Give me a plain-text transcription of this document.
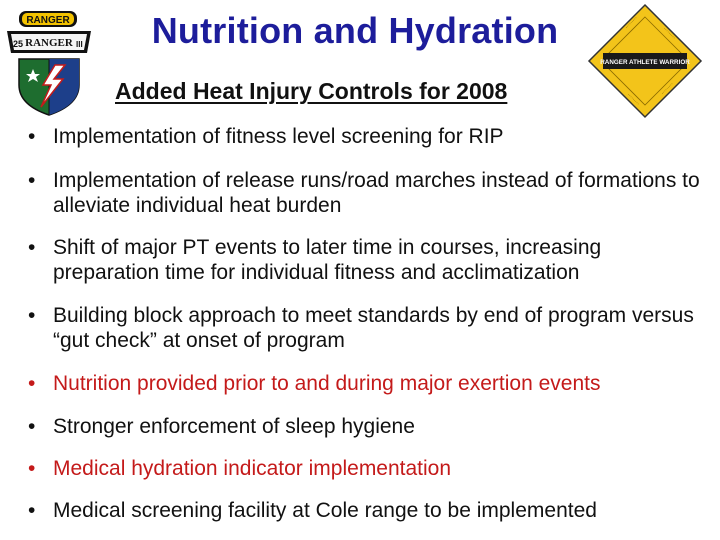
RANGER
25 RANGER III	Nutrition and Hydration	⋯⋯⋯
⋯⋯⋯
⋯⋯⋯
⋯⋯⋯
RANGER ATHLETE WARRIOR
Added Heat Injury Controls for 2008
• Implementation of fitness level screening for RIP
• Implementation of release runs/road marches instead of formations to alleviate individual heat burden
• Shift of major PT events to later time in courses, increasing preparation time for individual fitness and acclimatization
• Building block approach to meet standards by end of program versus “gut check” at onset of program
• Nutrition provided prior to and during major exertion events
• Stronger enforcement of sleep hygiene
• Medical hydration indicator implementation
• Medical screening facility at Cole range to be implemented
